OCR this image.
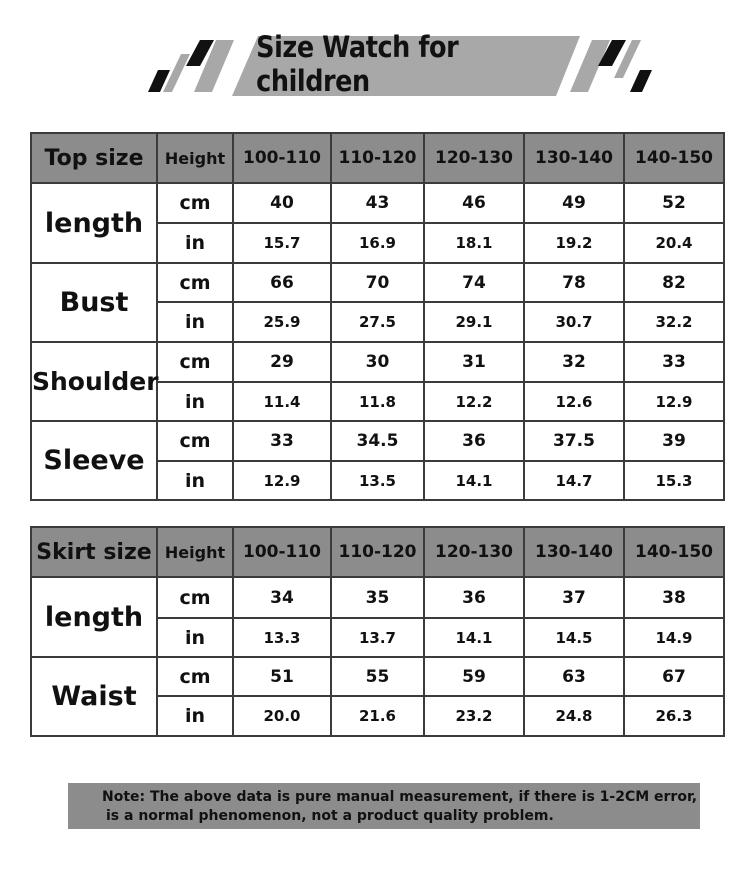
Size Watch for children
Top size	Height	100-110	110-120	120-130	130-140	140-150
length	cm	40	43	46	49	52
	in	15.7	16.9	18.1	19.2	20.4
Bust	cm	66	70	74	78	82
	in	25.9	27.5	29.1	30.7	32.2
Shoulder	cm	29	30	31	32	33
	in	11.4	11.8	12.2	12.6	12.9
Sleeve	cm	33	34.5	36	37.5	39
	in	12.9	13.5	14.1	14.7	15.3
Skirt size	Height	100-110	110-120	120-130	130-140	140-150
length	cm	34	35	36	37	38
	in	13.3	13.7	14.1	14.5	14.9
Waist	cm	51	55	59	63	67
	in	20.0	21.6	23.2	24.8	26.3
Note: The above data is pure manual measurement, if there is 1-2CM error,
is a normal phenomenon, not a product quality problem.
